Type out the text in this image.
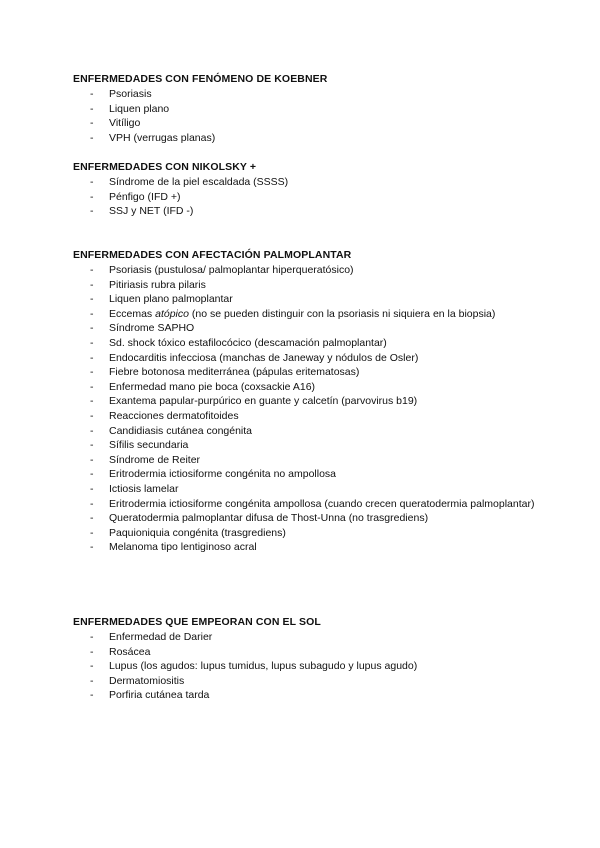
ENFERMEDADES CON FENÓMENO DE KOEBNER
- Psoriasis
- Liquen plano
- Vitíligo
- VPH (verrugas planas)
ENFERMEDADES CON NIKOLSKY +
- Síndrome de la piel escaldada (SSSS)
- Pénfigo (IFD +)
- SSJ y NET (IFD -)
ENFERMEDADES CON AFECTACIÓN PALMOPLANTAR
- Psoriasis (pustulosa/ palmoplantar hiperqueratósico)
- Pitiriasis rubra pilaris
- Liquen plano palmoplantar
- Eccemas atópico (no se pueden distinguir con la psoriasis ni siquiera en la biopsia)
- Síndrome SAPHO
- Sd. shock tóxico estafilocócico (descamación palmoplantar)
- Endocarditis infecciosa (manchas de Janeway y nódulos de Osler)
- Fiebre botonosa mediterránea (pápulas eritematosas)
- Enfermedad mano pie boca (coxsackie A16)
- Exantema papular-purpúrico en guante y calcetín (parvovirus b19)
- Reacciones dermatofitoides
- Candidiasis cutánea congénita
- Sífilis secundaria
- Síndrome de Reiter
- Eritrodermia ictiosiforme congénita no ampollosa
- Ictiosis lamelar
- Eritrodermia ictiosiforme congénita ampollosa (cuando crecen queratodermia palmoplantar)
- Queratodermia palmoplantar difusa de Thost-Unna (no trasgrediens)
- Paquioniquia congénita (trasgrediens)
- Melanoma tipo lentiginoso acral
ENFERMEDADES QUE EMPEORAN CON EL SOL
- Enfermedad de Darier
- Rosácea
- Lupus (los agudos: lupus tumidus, lupus subagudo y lupus agudo)
- Dermatomiositis
- Porfiria cutánea tarda
